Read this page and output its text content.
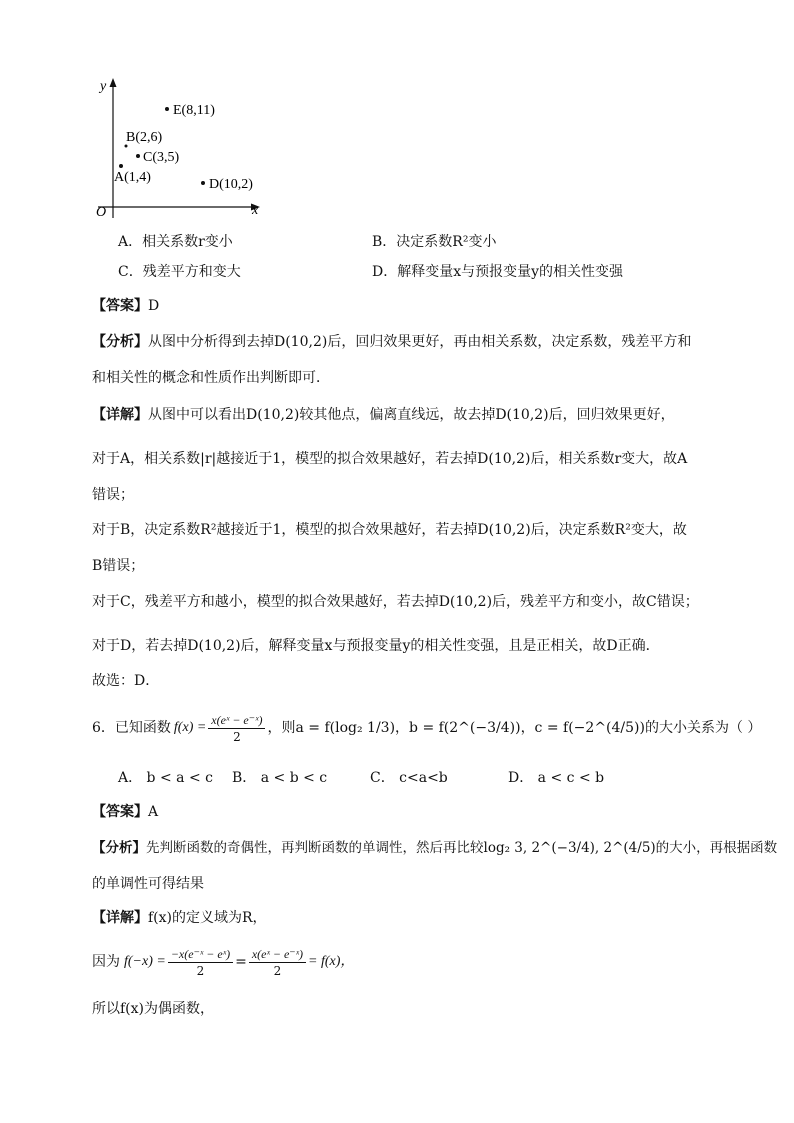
y
x
O
E(8,11)
B(2,6)
C(3,5)
A(1,4)	D(10,2)
A．相关系数r变小	B．决定系数R²变小
C．残差平方和变大	D．解释变量x与预报变量y的相关性变强
【答案】D
【分析】从图中分析得到去掉D(10,2)后，回归效果更好，再由相关系数，决定系数，残差平方和
和相关性的概念和性质作出判断即可．
【详解】从图中可以看出D(10,2)较其他点，偏离直线远，故去掉D(10,2)后，回归效果更好，
对于A，相关系数|r|越接近于1，模型的拟合效果越好，若去掉D(10,2)后，相关系数r变大，故A
错误；
对于B，决定系数R²越接近于1，模型的拟合效果越好，若去掉D(10,2)后，决定系数R²变大，故
B错误；
对于C，残差平方和越小，模型的拟合效果越好，若去掉D(10,2)后，残差平方和变小，故C错误；
对于D，若去掉D(10,2)后，解释变量x与预报变量y的相关性变强，且是正相关，故D正确．
故选：D．
6．已知函数 $f(x) = \frac{\text{x(eˣ − e⁻ˣ)}}{2}$ ，则a = f(log₂ 1/3) ，b = f(2^(−3/4)) ，c = f(−2^(4/5)) 的大小关系为（ ）
A． b < a < c B． a < b < c	C． c<a<b	D． a < c < b
【答案】A
【分析】先判断函数的奇偶性，再判断函数的单调性，然后再比较log₂ 3, 2^(−3/4), 2^(4/5)的大小，再根据函数
的单调性可得结果
【详解】f(x)的定义域为R，
因为 $f(-x) = \frac{\text{−x(e⁻ˣ − eˣ)}}{2} = \frac{\text{x(eˣ − e⁻ˣ)}}{2} = f(x)$，
所以f(x)为偶函数，
